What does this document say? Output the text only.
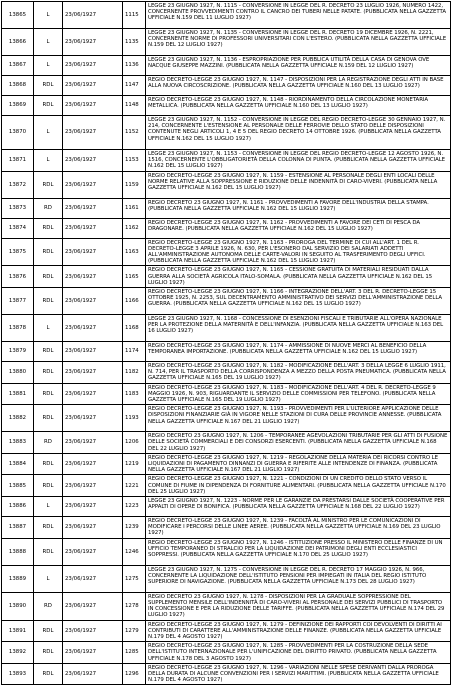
13865	L	23/06/1927	1115	LEGGE 23 GIUGNO 1927, N. 1115 - CONVERSIONE IN LEGGE DEL R. DECRETO 23 LUGLIO 1926, NUMERO 1422, CONCERNENTE PROVVEDIMENTI CONTRO IL CANCRO DEI TUBERI NELLE PATATE. (PUBBLICATA NELLA GAZZETTA UFFICIALE N.159 DEL 11 LUGLIO 1927)
13866	L	23/06/1927	1135	LEGGE 23 GIUGNO 1927, N. 1135 - CONVERSIONE IN LEGGE DEL R. DECRETO 19 DICEMBRE 1926, N. 2221, CONCERNENTE NORME DI PROFESSORI UNIVERSITARI CON L'ESTERO. (PUBBLICATA NELLA GAZZETTA UFFICIALE N.159 DEL 12 LUGLIO 1927)
13867	L	23/06/1927	1136	LEGGE 23 GIUGNO 1927, N. 1136 - ESPROPRIAZIONE PER PUBBLICA UTILITÀ DELLA CASA DI GENOVA OVE NACQUE GIUSEPPE MAZZINI. (PUBBLICATA NELLA GAZZETTA UFFICIALE N.159 DEL 12 LUGLIO 1927)
13868	RDL	23/06/1927	1147	REGIO DECRETO-LEGGE 23 GIUGNO 1927, N. 1147 - DISPOSIZIONI PER LA REGISTRAZIONE DEGLI ATTI IN BASE ALLA NUOVA CIRCOSCRIZIONE. (PUBBLICATA NELLA GAZZETTA UFFICIALE N.160 DEL 13 LUGLIO 1927)
13869	RDL	23/06/1927	1148	REGIO DECRETO-LEGGE 23 GIUGNO 1927, N. 1148 - RIORDINAMENTO DELLA CIRCOLAZIONE MONETARIA METALLICA. (PUBBLICATA NELLA GAZZETTA UFFICIALE N.160 DEL 13 LUGLIO 1927)
13870	L	23/06/1927	1152	LEGGE 23 GIUGNO 1927, N. 1152 - CONVERSIONE IN LEGGE DEL REGIO DECRETO-LEGGE 30 GENNAIO 1927, N. 214, CONCERNENTE L'ESTENSIONE AL PERSONALE DELLE FERROVIE DELLO STATO DELLE DISPOSIZIONI CONTENUTE NEGLI ARTICOLI 1, 4 E 5 DEL REGIO DECRETO 14 OTTOBRE 1926. (PUBBLICATA NELLA GAZZETTA UFFICIALE N.162 DEL 15 LUGLIO 1927)
13871	L	23/06/1927	1153	LEGGE 23 GIUGNO 1927, N. 1153 - CONVERSIONE IN LEGGE DEL REGIO DECRETO-LEGGE 12 AGOSTO 1926, N. 1516, CONCERNENTE L'OBBLIGATORIETÀ DELLA COLONNA DI PUNTA. (PUBBLICATA NELLA GAZZETTA UFFICIALE N.162 DEL 15 LUGLIO 1927)
13872	RDL	23/06/1927	1159	REGIO DECRETO-LEGGE 23 GIUGNO 1927, N. 1159 - ESTENSIONE AL PERSONALE DEGLI ENTI LOCALI DELLE NORME RELATIVE ALLA SOPPRESSIONE E RIDUZIONE DELLE INDENNITÀ DI CARO-VIVERI. (PUBBLICATA NELLA GAZZETTA UFFICIALE N.162 DEL 15 LUGLIO 1927)
13873	RD	23/06/1927	1161	REGIO DECRETO 23 GIUGNO 1927, N. 1161 - PROVVEDIMENTI A FAVORE DELL'INDUSTRIA DELLA STAMPA. (PUBBLICATA NELLA GAZZETTA UFFICIALE N.162 DEL 15 LUGLIO 1927)
13874	RDL	23/06/1927	1162	REGIO DECRETO-LEGGE 23 GIUGNO 1927, N. 1162 - PROVVEDIMENTI A FAVORE DEI CETI DI PESCA DA DRAGONARE. (PUBBLICATA NELLA GAZZETTA UFFICIALE N.162 DEL 15 LUGLIO 1927)
13875	RDL	23/06/1927	1163	REGIO DECRETO-LEGGE 23 GIUGNO 1927, N. 1163 - PROROGA DEL TERMINE DI CUI ALL'ART. 1 DEL R. DECRETO-LEGGE 3 APRILE 1926, N. 630, PER L'ESONERO DAL SERVIZIO DEI SALARIATI ADDETTI ALL'AMMINISTRAZIONE AUTONOMA DELLE CARTE-VALORI IN SEGUITO AL TRASFERIMENTO DEGLI UFFICI. (PUBBLICATA NELLA GAZZETTA UFFICIALE N.162 DEL 15 LUGLIO 1927)
13876	RDL	23/06/1927	1165	REGIO DECRETO-LEGGE 23 GIUGNO 1927, N. 1165 - CESSIONE GRATUITA DI MATERIALI RESIDUATI DALLA GUERRA ALLA SOCIETÀ AGRICOLA ITALO-SOMALA. (PUBBLICATA NELLA GAZZETTA UFFICIALE N.162 DEL 15 LUGLIO 1927)
13877	RDL	23/06/1927	1166	REGIO DECRETO-LEGGE 23 GIUGNO 1927, N. 1166 - INTEGRAZIONE DELL'ART. 3 DEL R. DECRETO-LEGGE 15 OTTOBRE 1925, N. 2253, SUL DECENTRAMENTO AMMINISTRATIVO DEI SERVIZI DELL'AMMINISTRAZIONE DELLA GUERRA. (PUBBLICATA NELLA GAZZETTA UFFICIALE N.162 DEL 15 LUGLIO 1927)
13878	L	23/06/1927	1168	LEGGE 23 GIUGNO 1927, N. 1168 - CONCESSIONE DI ESENZIONI FISCALI E TRIBUTARIE ALL'OPERA NAZIONALE PER LA PROTEZIONE DELLA MATERNITÀ E DELL'INFANZIA. (PUBBLICATA NELLA GAZZETTA UFFICIALE N.163 DEL 16 LUGLIO 1927)
13879	RDL	23/06/1927	1174	REGIO DECRETO-LEGGE 23 GIUGNO 1927, N. 1174 - AMMISSIONE DI NUOVE MERCI AL BENEFICIO DELLA TEMPORANEA IMPORTAZIONE. (PUBBLICATA NELLA GAZZETTA UFFICIALE N.162 DEL 15 LUGLIO 1927)
13880	RDL	23/06/1927	1182	REGIO DECRETO-LEGGE 23 GIUGNO 1927, N. 1182 - MODIFICAZIONE DELL'ART. 3 DELLA LEGGE 6 LUGLIO 1911, N. 714, PER IL TRASPORTO DELLA CORRISPONDENZA A MEZZO DELLA POSTA PNEUMATICA. (PUBBLICATA NELLA GAZZETTA UFFICIALE N.165 DEL 19 LUGLIO 1927)
13881	RDL	23/06/1927	1183	REGIO DECRETO-LEGGE 23 GIUGNO 1927, N. 1183 - MODIFICAZIONE DELL'ART. 4 DEL R. DECRETO-LEGGE 9 MAGGIO 1926, N. 903, RIGUARDANTE IL SERVIZIO DELLE COMMISSIONI PER TELEFONO. (PUBBLICATA NELLA GAZZETTA UFFICIALE N.165 DEL 19 LUGLIO 1927)
13882	RDL	23/06/1927	1193	REGIO DECRETO-LEGGE 23 GIUGNO 1927, N. 1193 - PROVVEDIMENTI PER L'ULTERIORE APPLICAZIONE DELLE DISPOSIZIONI FINANZIARIE GIÀ IN VIGORE NELLE STAZIONI DI CURA DELLE PROVINCIE ANNESSE. (PUBBLICATA NELLA GAZZETTA UFFICIALE N.167 DEL 21 LUGLIO 1927)
13883	RD	23/06/1927	1206	REGIO DECRETO 23 GIUGNO 1927, N. 1206 - TEMPORANEE AGEVOLAZIONI TRIBUTARIE PER GLI ATTI DI FUSIONE DELLE SOCIETÀ COMMERCIALI E DEI CONSORZI ESERCENTI. (PUBBLICATA NELLA GAZZETTA UFFICIALE N.168 DEL 22 LUGLIO 1927)
13884	RDL	23/06/1927	1219	REGIO DECRETO-LEGGE 23 GIUGNO 1927, N. 1219 - REGOLAZIONE DELLA MATERIA DEI RICORSI CONTRO LE LIQUIDAZIONI DI PAGAMENTO DINNANZI DI GUERRA E RIFERITE ALLE INTENDENZE DI FINANZA. (PUBBLICATA NELLA GAZZETTA UFFICIALE N.167 DEL 21 LUGLIO 1927)
13885	RDL	23/06/1927	1221	REGIO DECRETO-LEGGE 23 GIUGNO 1927, N. 1221 - CONDIZIONI DI UN CREDITO DELLO STATO VERSO IL COMUNE DI FIUME IN DIPENDENZA DI FORNITURE ALIMENTARI. (PUBBLICATA NELLA GAZZETTA UFFICIALE N.170 DEL 25 LUGLIO 1927)
13886	L	23/06/1927	1223	LEGGE 23 GIUGNO 1927, N. 1223 - NORME PER LE GARANZIE DA PRESTARSI DALLE SOCIETÀ COOPERATIVE PER APPALTI DI OPERE DI BONIFICA. (PUBBLICATA NELLA GAZZETTA UFFICIALE N.168 DEL 22 LUGLIO 1927)
13887	RDL	23/06/1927	1239	REGIO DECRETO-LEGGE 23 GIUGNO 1927, N. 1239 - FACOLTÀ AL MINISTRO PER LE COMUNICAZIONI DI MODIFICARE I PERCORSI DELLE LINEE AEREE. (PUBBLICATA NELLA GAZZETTA UFFICIALE N.169 DEL 23 LUGLIO 1927)
13888	RDL	23/06/1927	1246	REGIO DECRETO-LEGGE 23 GIUGNO 1927, N. 1246 - ISTITUZIONE PRESSO IL MINISTERO DELLE FINANZE DI UN UFFICIO TEMPORANEO DI STRALCIO PER LA LIQUIDAZIONE DEI PATRIMONI DEGLI ENTI ECCLESIASTICI SOPPRESSI. (PUBBLICATA NELLA GAZZETTA UFFICIALE N.170 DEL 25 LUGLIO 1927)
13889	L	23/06/1927	1275	LEGGE 23 GIUGNO 1927, N. 1275 - CONVERSIONE IN LEGGE DEL R. DECRETO 17 MAGGIO 1926, N. 966, CONCERNENTE LA LIQUIDAZIONE DELL'ISTITUTO PENSIONI PER IMPIEGATI IN ITALIA DEL REGIO ISTITUTO SUPERIORE DI NAVIGAZIONE. (PUBBLICATA NELLA GAZZETTA UFFICIALE N.173 DEL 28 LUGLIO 1927)
13890	RD	23/06/1927	1278	REGIO DECRETO 23 GIUGNO 1927, N. 1278 - DISPOSIZIONI PER LA GRADUALE SOPPRESSIONE DEL SUPPLEMENTO MENSILE DELL'INDENNITÀ DI CARO-VIVERI AL PERSONALE DEI SERVIZI PUBBLICI DI TRASPORTO IN CONCESSIONE E PER LA RIDUZIONE DELLE TARIFFE. (PUBBLICATA NELLA GAZZETTA UFFICIALE N.174 DEL 29 LUGLIO 1927)
13891	RDL	23/06/1927	1279	REGIO DECRETO-LEGGE 23 GIUGNO 1927, N. 1279 - DEFINIZIONE DEI RAPPORTI COI DEVOLVENTI DI DIRITTI AI CONTRIBUTI DI CARATTERE ALL'AMMINISTRAZIONE DELLE FINANZE. (PUBBLICATA NELLA GAZZETTA UFFICIALE N.179 DEL 4 AGOSTO 1927)
13892	RDL	23/06/1927	1285	REGIO DECRETO-LEGGE 23 GIUGNO 1927, N. 1285 - PROVVEDIMENTI PER LA COSTRUZIONE DELLA SEDE DELL'ISTITUTO INTERNAZIONALE PER L'UNIFICAZIONE DEL DIRITTO PRIVATO. (PUBBLICATA NELLA GAZZETTA UFFICIALE N.178 DEL 3 AGOSTO 1927)
13893	RDL	23/06/1927	1296	REGIO DECRETO-LEGGE 23 GIUGNO 1927, N. 1296 - VARIAZIONI NELLE SPESE DERIVANTI DALLA PROROGA DELLA DURATA DI ALCUNE CONVENZIONI PER I SERVIZI MARITTIMI. (PUBBLICATA NELLA GAZZETTA UFFICIALE N.179 DEL 4 AGOSTO 1927)
